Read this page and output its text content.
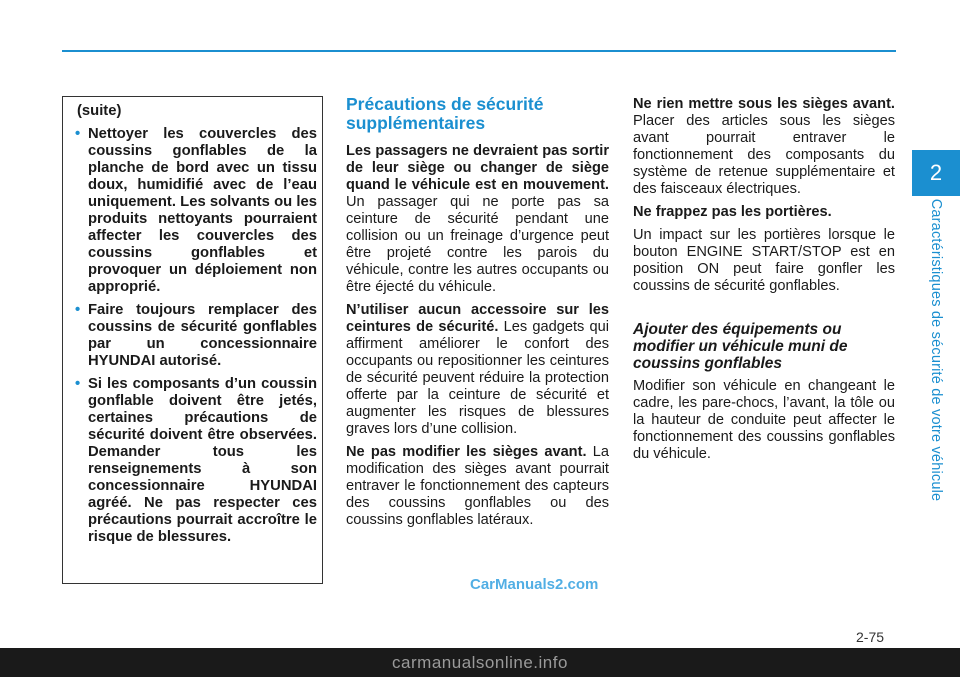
2
Caractéristiques de sécurité de votre véhicule

(suite)

• Nettoyer les couvercles des coussins gonflables de la planche de bord avec un tissu doux, humidifié avec de l’eau uniquement. Les solvants ou les produits nettoyants pourraient affecter les couvercles des coussins gonflables et provoquer un déploiement non approprié.
• Faire toujours remplacer des coussins de sécurité gonflables par un concessionnaire HYUNDAI autorisé.
• Si les composants d’un coussin gonflable doivent être jetés, certaines précautions de sécurité doivent être observées. Demander tous les renseignements à son concessionnaire HYUNDAI agréé. Ne pas respecter ces précautions pourrait accroître le risque de blessures.
Précautions de sécurité supplémentaires

Les passagers ne devraient pas sortir de leur siège ou changer de siège quand le véhicule est en mouvement. Un passager qui ne porte pas sa ceinture de sécurité pendant une collision ou un freinage d’urgence peut être projeté contre les parois du véhicule, contre les autres occupants ou être éjecté du véhicule.

N’utiliser aucun accessoire sur les ceintures de sécurité. Les gadgets qui affirment améliorer le confort des occupants ou repositionner les ceintures de sécurité peuvent réduire la protection offerte par la ceinture de sécurité et augmenter les risques de blessures graves lors d’une collision.

Ne pas modifier les sièges avant. La modification des sièges avant pourrait entraver le fonctionnement des capteurs des coussins gonflables ou des coussins gonflables latéraux.

Ne rien mettre sous les sièges avant. Placer des articles sous les sièges avant pourrait entraver le fonctionnement des composants du système de retenue supplémentaire et des faisceaux électriques.

Ne frappez pas les portières.

Un impact sur les portières lorsque le bouton ENGINE START/STOP est en position ON peut faire gonfler les coussins de sécurité gonflables.

Ajouter des équipements ou modifier un véhicule muni de coussins gonflables

Modifier son véhicule en changeant le cadre, les pare-chocs, l’avant, la tôle ou la hauteur de conduite peut affecter le fonctionnement des coussins gonflables du véhicule.

CarManuals2.com
2-75
carmanualsonline.info
